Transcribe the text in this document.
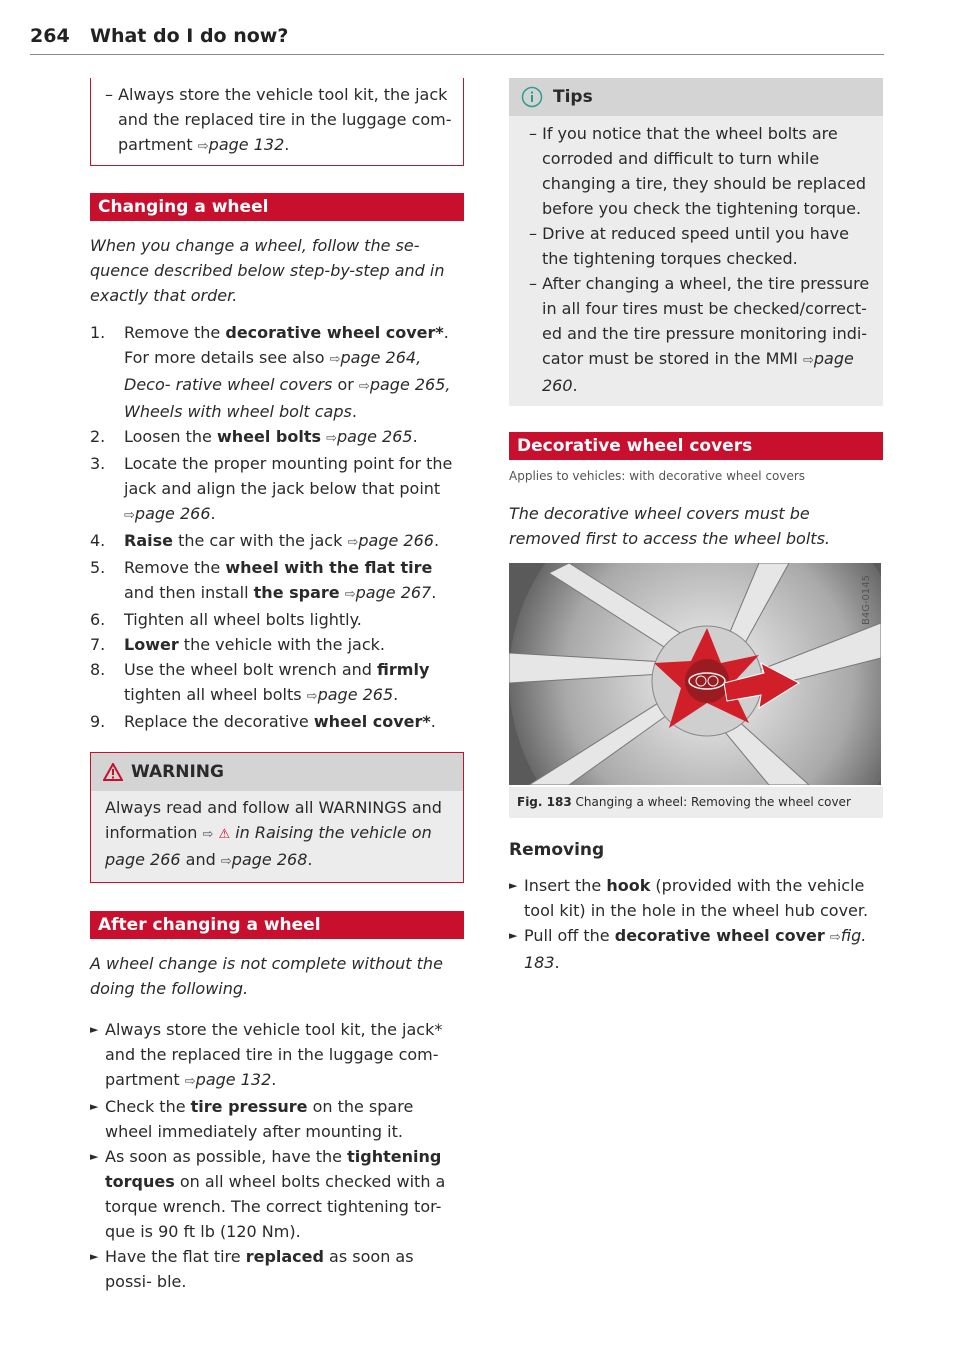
264 What do I do now?
– Always store the vehicle tool kit, the jack and the replaced tire in the luggage com- partment ⇨page 132.
Changing a wheel
When you change a wheel, follow the se- quence described below step-by-step and in exactly that order.
1. Remove the decorative wheel cover*. For more details see also ⇨page 264, Deco- rative wheel covers or ⇨page 265, Wheels with wheel bolt caps.
2. Loosen the wheel bolts ⇨page 265.
3. Locate the proper mounting point for the jack and align the jack below that point ⇨page 266.
4. Raise the car with the jack ⇨page 266.
5. Remove the wheel with the flat tire and then install the spare ⇨page 267.
6. Tighten all wheel bolts lightly.
7. Lower the vehicle with the jack.
8. Use the wheel bolt wrench and firmly tighten all wheel bolts ⇨page 265.
9. Replace the decorative wheel cover*.
WARNING
Always read and follow all WARNINGS and information ⇨ ⚠ in Raising the vehicle on page 266 and ⇨page 268.
After changing a wheel
A wheel change is not complete without the doing the following.
► Always store the vehicle tool kit, the jack* and the replaced tire in the luggage com- partment ⇨page 132.
► Check the tire pressure on the spare wheel immediately after mounting it.
► As soon as possible, have the tightening torques on all wheel bolts checked with a torque wrench. The correct tightening tor- que is 90 ft lb (120 Nm).
► Have the flat tire replaced as soon as possi- ble.
Tips
– If you notice that the wheel bolts are corroded and difficult to turn while changing a tire, they should be replaced before you check the tightening torque.
– Drive at reduced speed until you have the tightening torques checked.
– After changing a wheel, the tire pressure in all four tires must be checked/correct- ed and the tire pressure monitoring indi- cator must be stored in the MMI ⇨page 260.
Decorative wheel covers
Applies to vehicles: with decorative wheel covers
The decorative wheel covers must be removed first to access the wheel bolts.
B4G-0145
Fig. 183 Changing a wheel: Removing the wheel cover
Removing
► Insert the hook (provided with the vehicle tool kit) in the hole in the wheel hub cover.
► Pull off the decorative wheel cover ⇨fig. 183.
